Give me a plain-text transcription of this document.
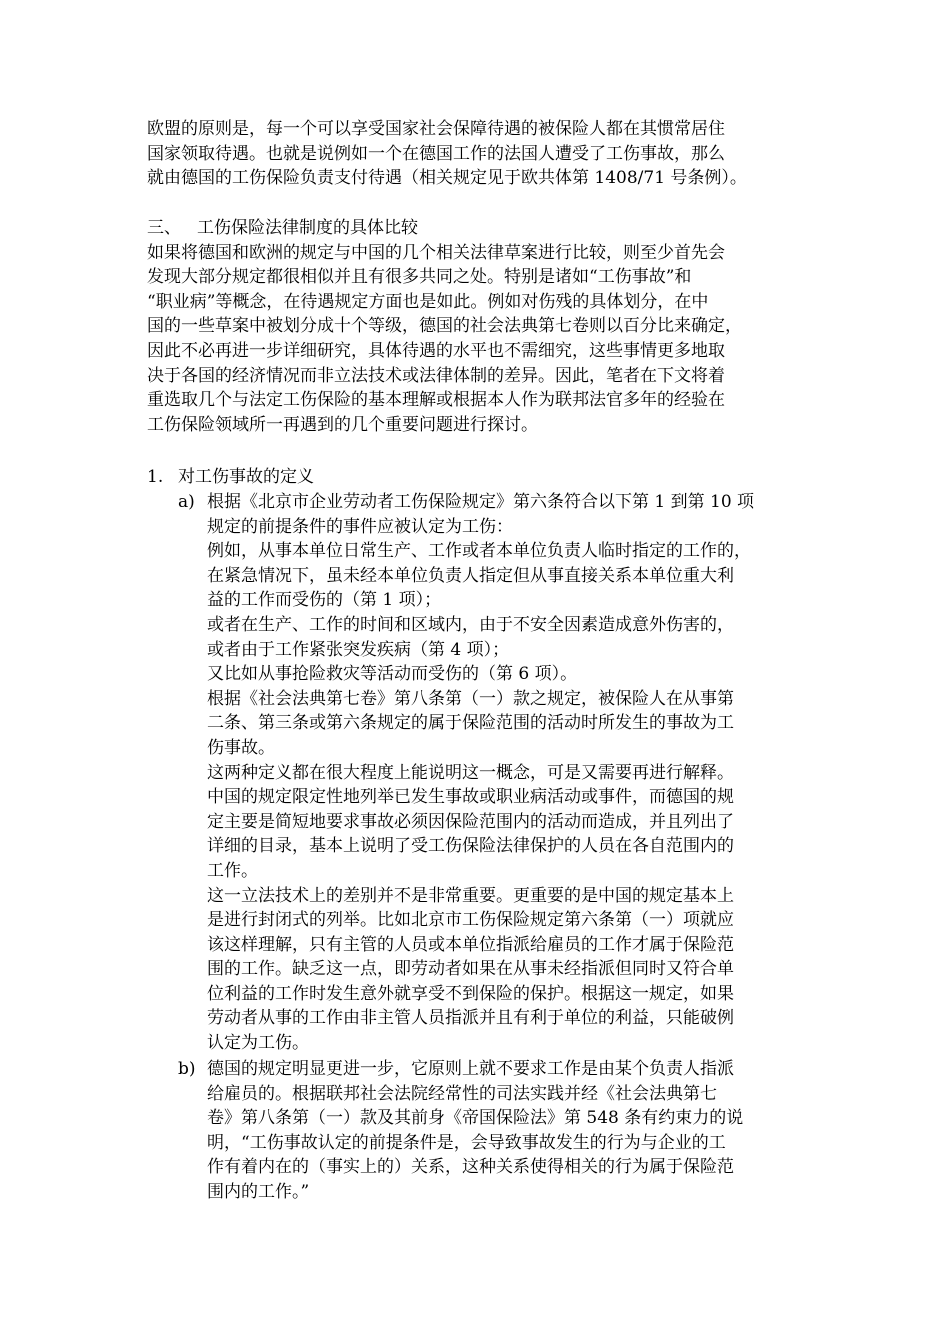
欧盟的原则是，每一个可以享受国家社会保障待遇的被保险人都在其惯常居住

国家领取待遇。也就是说例如一个在德国工作的法国人遭受了工伤事故，那么

就由德国的工伤保险负责支付待遇（相关规定见于欧共体第 1408/71 号条例）。

三、 工伤保险法律制度的具体比较

如果将德国和欧洲的规定与中国的几个相关法律草案进行比较，则至少首先会

发现大部分规定都很相似并且有很多共同之处。特别是诸如“工伤事故”和

“职业病”等概念，在待遇规定方面也是如此。例如对伤残的具体划分，在中

国的一些草案中被划分成十个等级，德国的社会法典第七卷则以百分比来确定，

因此不必再进一步详细研究，具体待遇的水平也不需细究，这些事情更多地取

决于各国的经济情况而非立法技术或法律体制的差异。因此，笔者在下文将着

重选取几个与法定工伤保险的基本理解或根据本人作为联邦法官多年的经验在

工伤保险领域所一再遇到的几个重要问题进行探讨。

1. 对工伤事故的定义
a) 根据《北京市企业劳动者工伤保险规定》第六条符合以下第 1 到第 10 项

规定的前提条件的事件应被认定为工伤：

例如，从事本单位日常生产、工作或者本单位负责人临时指定的工作的，

在紧急情况下，虽未经本单位负责人指定但从事直接关系本单位重大利

益的工作而受伤的（第 1 项）；

或者在生产、工作的时间和区域内，由于不安全因素造成意外伤害的，

或者由于工作紧张突发疾病（第 4 项）；

又比如从事抢险救灾等活动而受伤的（第 6 项）。

根据《社会法典第七卷》第八条第（一）款之规定，被保险人在从事第

二条、第三条或第六条规定的属于保险范围的活动时所发生的事故为工

伤事故。

这两种定义都在很大程度上能说明这一概念，可是又需要再进行解释。

中国的规定限定性地列举已发生事故或职业病活动或事件，而德国的规

定主要是简短地要求事故必须因保险范围内的活动而造成，并且列出了

详细的目录，基本上说明了受工伤保险法律保护的人员在各自范围内的

工作。

这一立法技术上的差别并不是非常重要。更重要的是中国的规定基本上

是进行封闭式的列举。比如北京市工伤保险规定第六条第（一）项就应

该这样理解，只有主管的人员或本单位指派给雇员的工作才属于保险范

围的工作。缺乏这一点，即劳动者如果在从事未经指派但同时又符合单

位利益的工作时发生意外就享受不到保险的保护。根据这一规定，如果

劳动者从事的工作由非主管人员指派并且有利于单位的利益，只能破例

认定为工伤。

b) 德国的规定明显更进一步，它原则上就不要求工作是由某个负责人指派

给雇员的。根据联邦社会法院经常性的司法实践并经《社会法典第七

卷》第八条第（一）款及其前身《帝国保险法》第 548 条有约束力的说

明，“工伤事故认定的前提条件是，会导致事故发生的行为与企业的工

作有着内在的（事实上的）关系，这种关系使得相关的行为属于保险范

围内的工作。”
